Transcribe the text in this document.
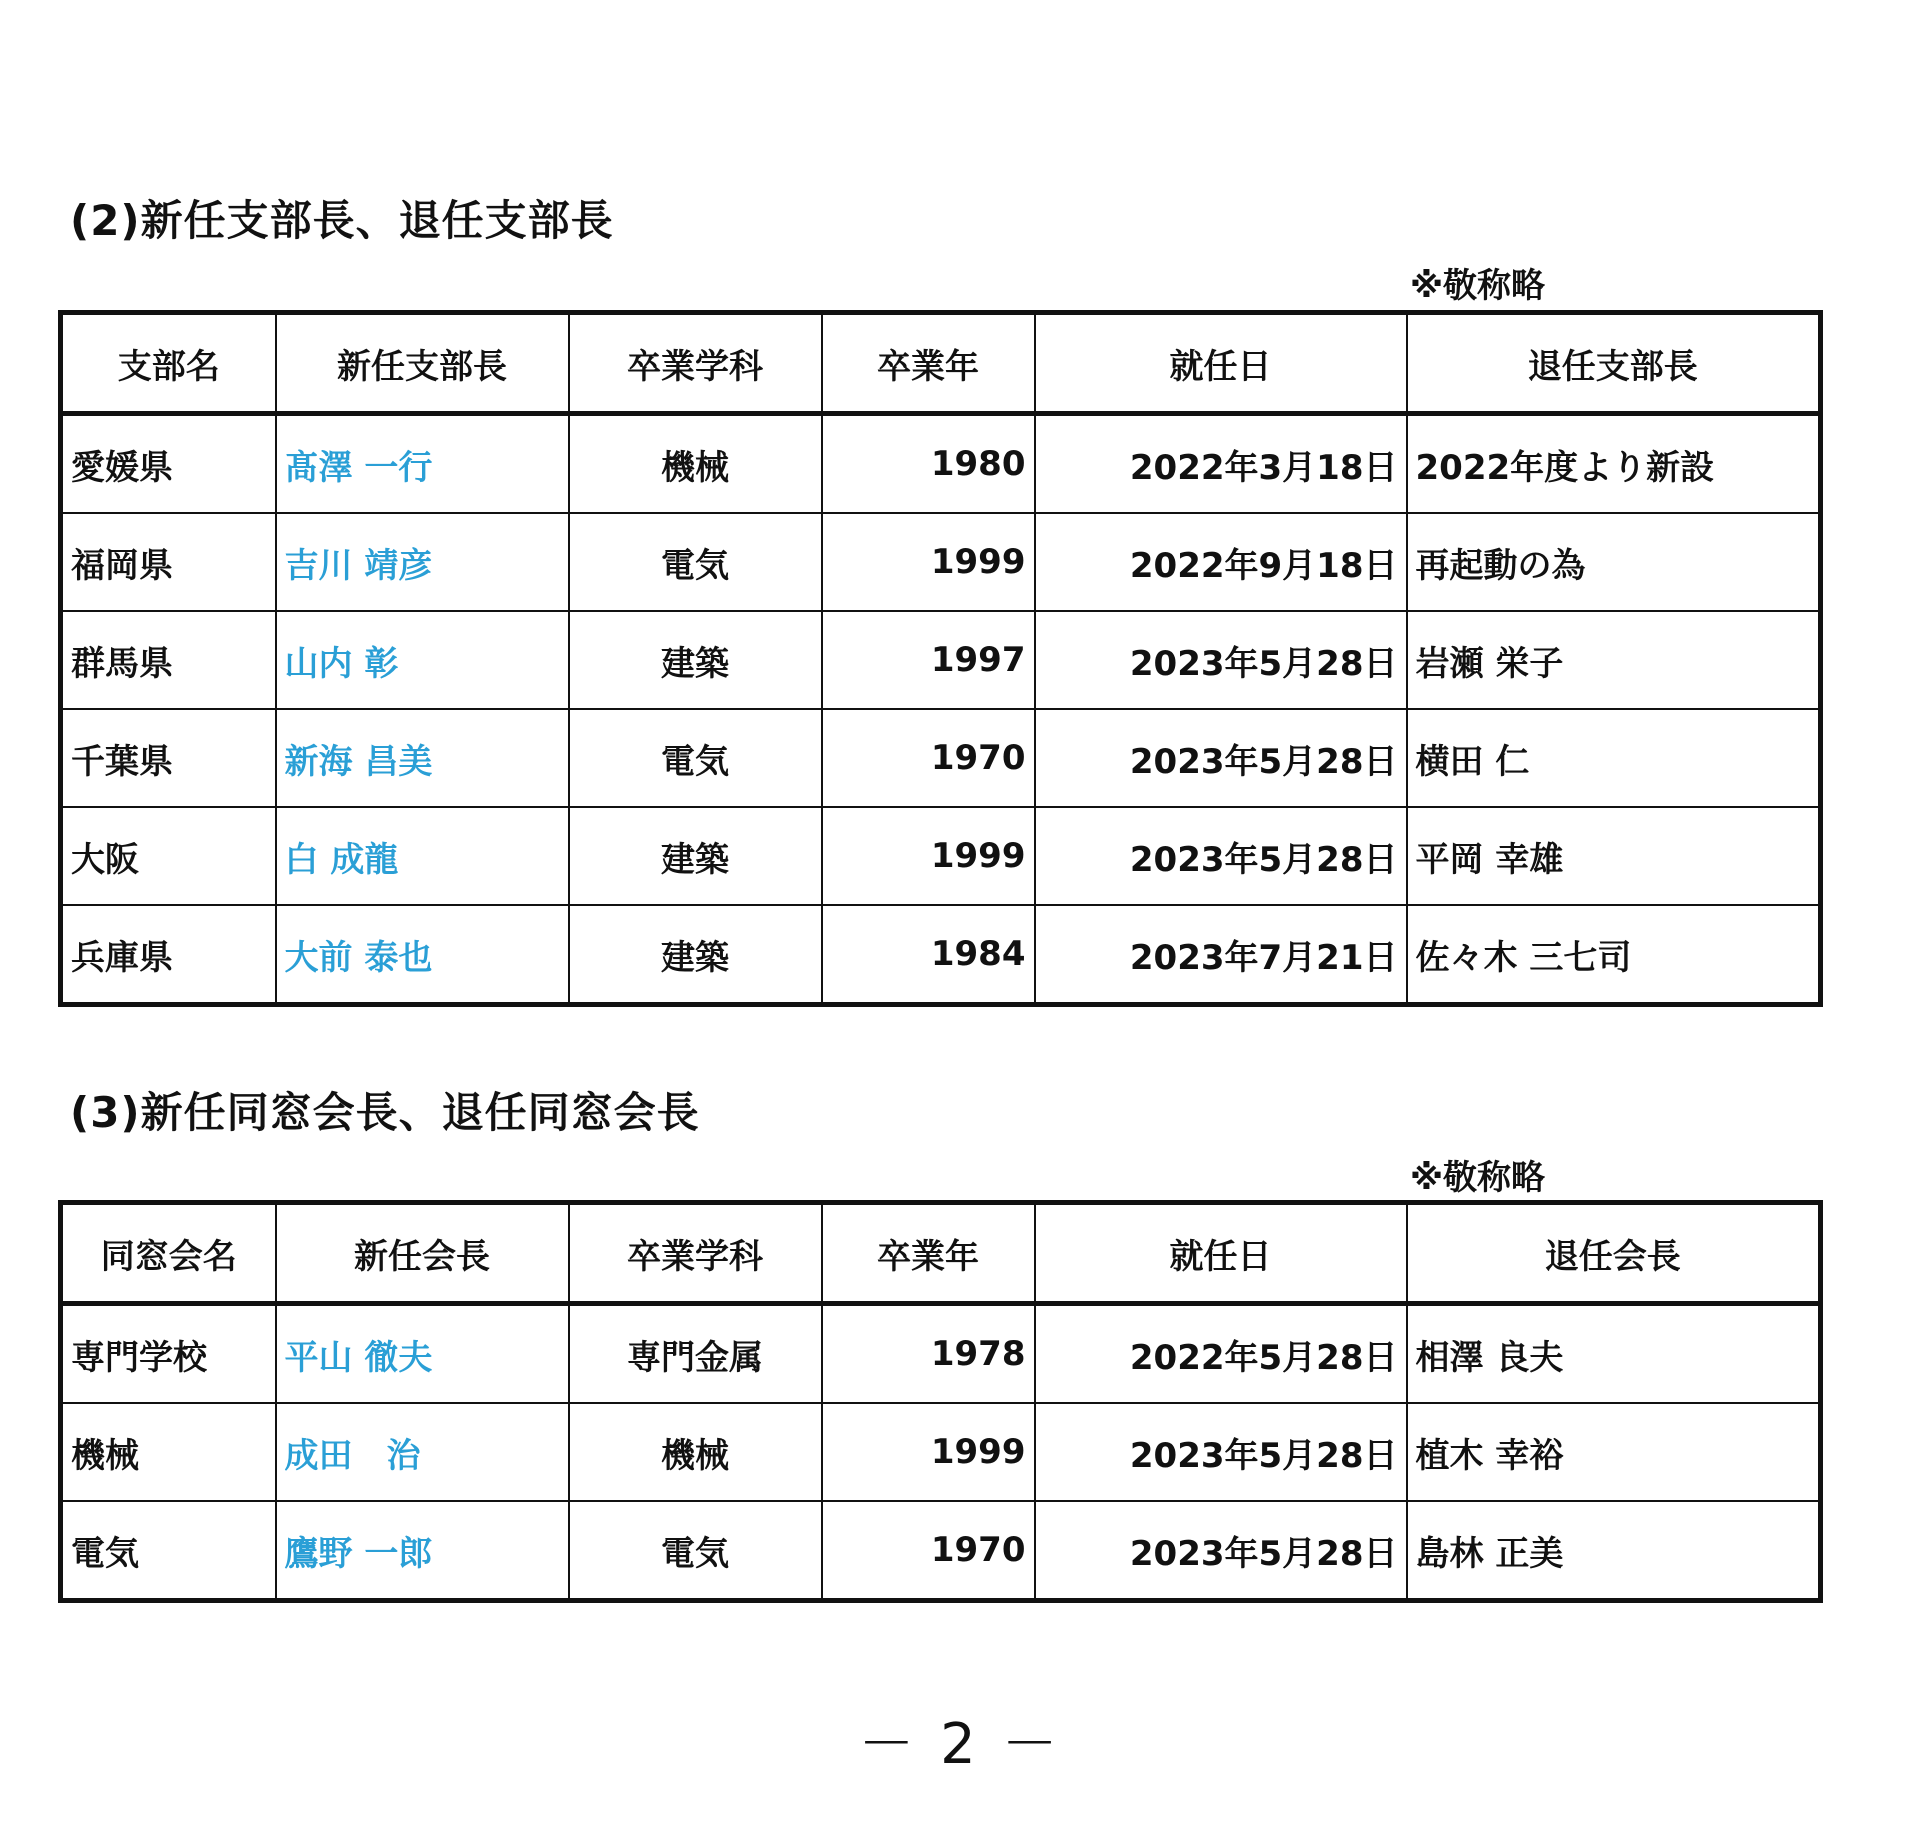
(2)新任支部長、退任支部長
※敬称略
支部名	新任支部長	卒業学科	卒業年	就任日	退任支部長
愛媛県	髙澤 一行	機械	1980	2022年3月18日	2022年度より新設
福岡県	吉川 靖彦	電気	1999	2022年9月18日	再起動の為
群馬県	山内 彰	建築	1997	2023年5月28日	岩瀬 栄子
千葉県	新海 昌美	電気	1970	2023年5月28日	横田 仁
大阪	白 成龍	建築	1999	2023年5月28日	平岡 幸雄
兵庫県	大前 泰也	建築	1984	2023年7月21日	佐々木 三七司
(3)新任同窓会長、退任同窓会長
※敬称略
同窓会名	新任会長	卒業学科	卒業年	就任日	退任会長
専門学校	平山 徹夫	専門金属	1978	2022年5月28日	相澤 良夫
機械	成田　治	機械	1999	2023年5月28日	植木 幸裕
電気	鷹野 一郎	電気	1970	2023年5月28日	島林 正美
－ 2 －
